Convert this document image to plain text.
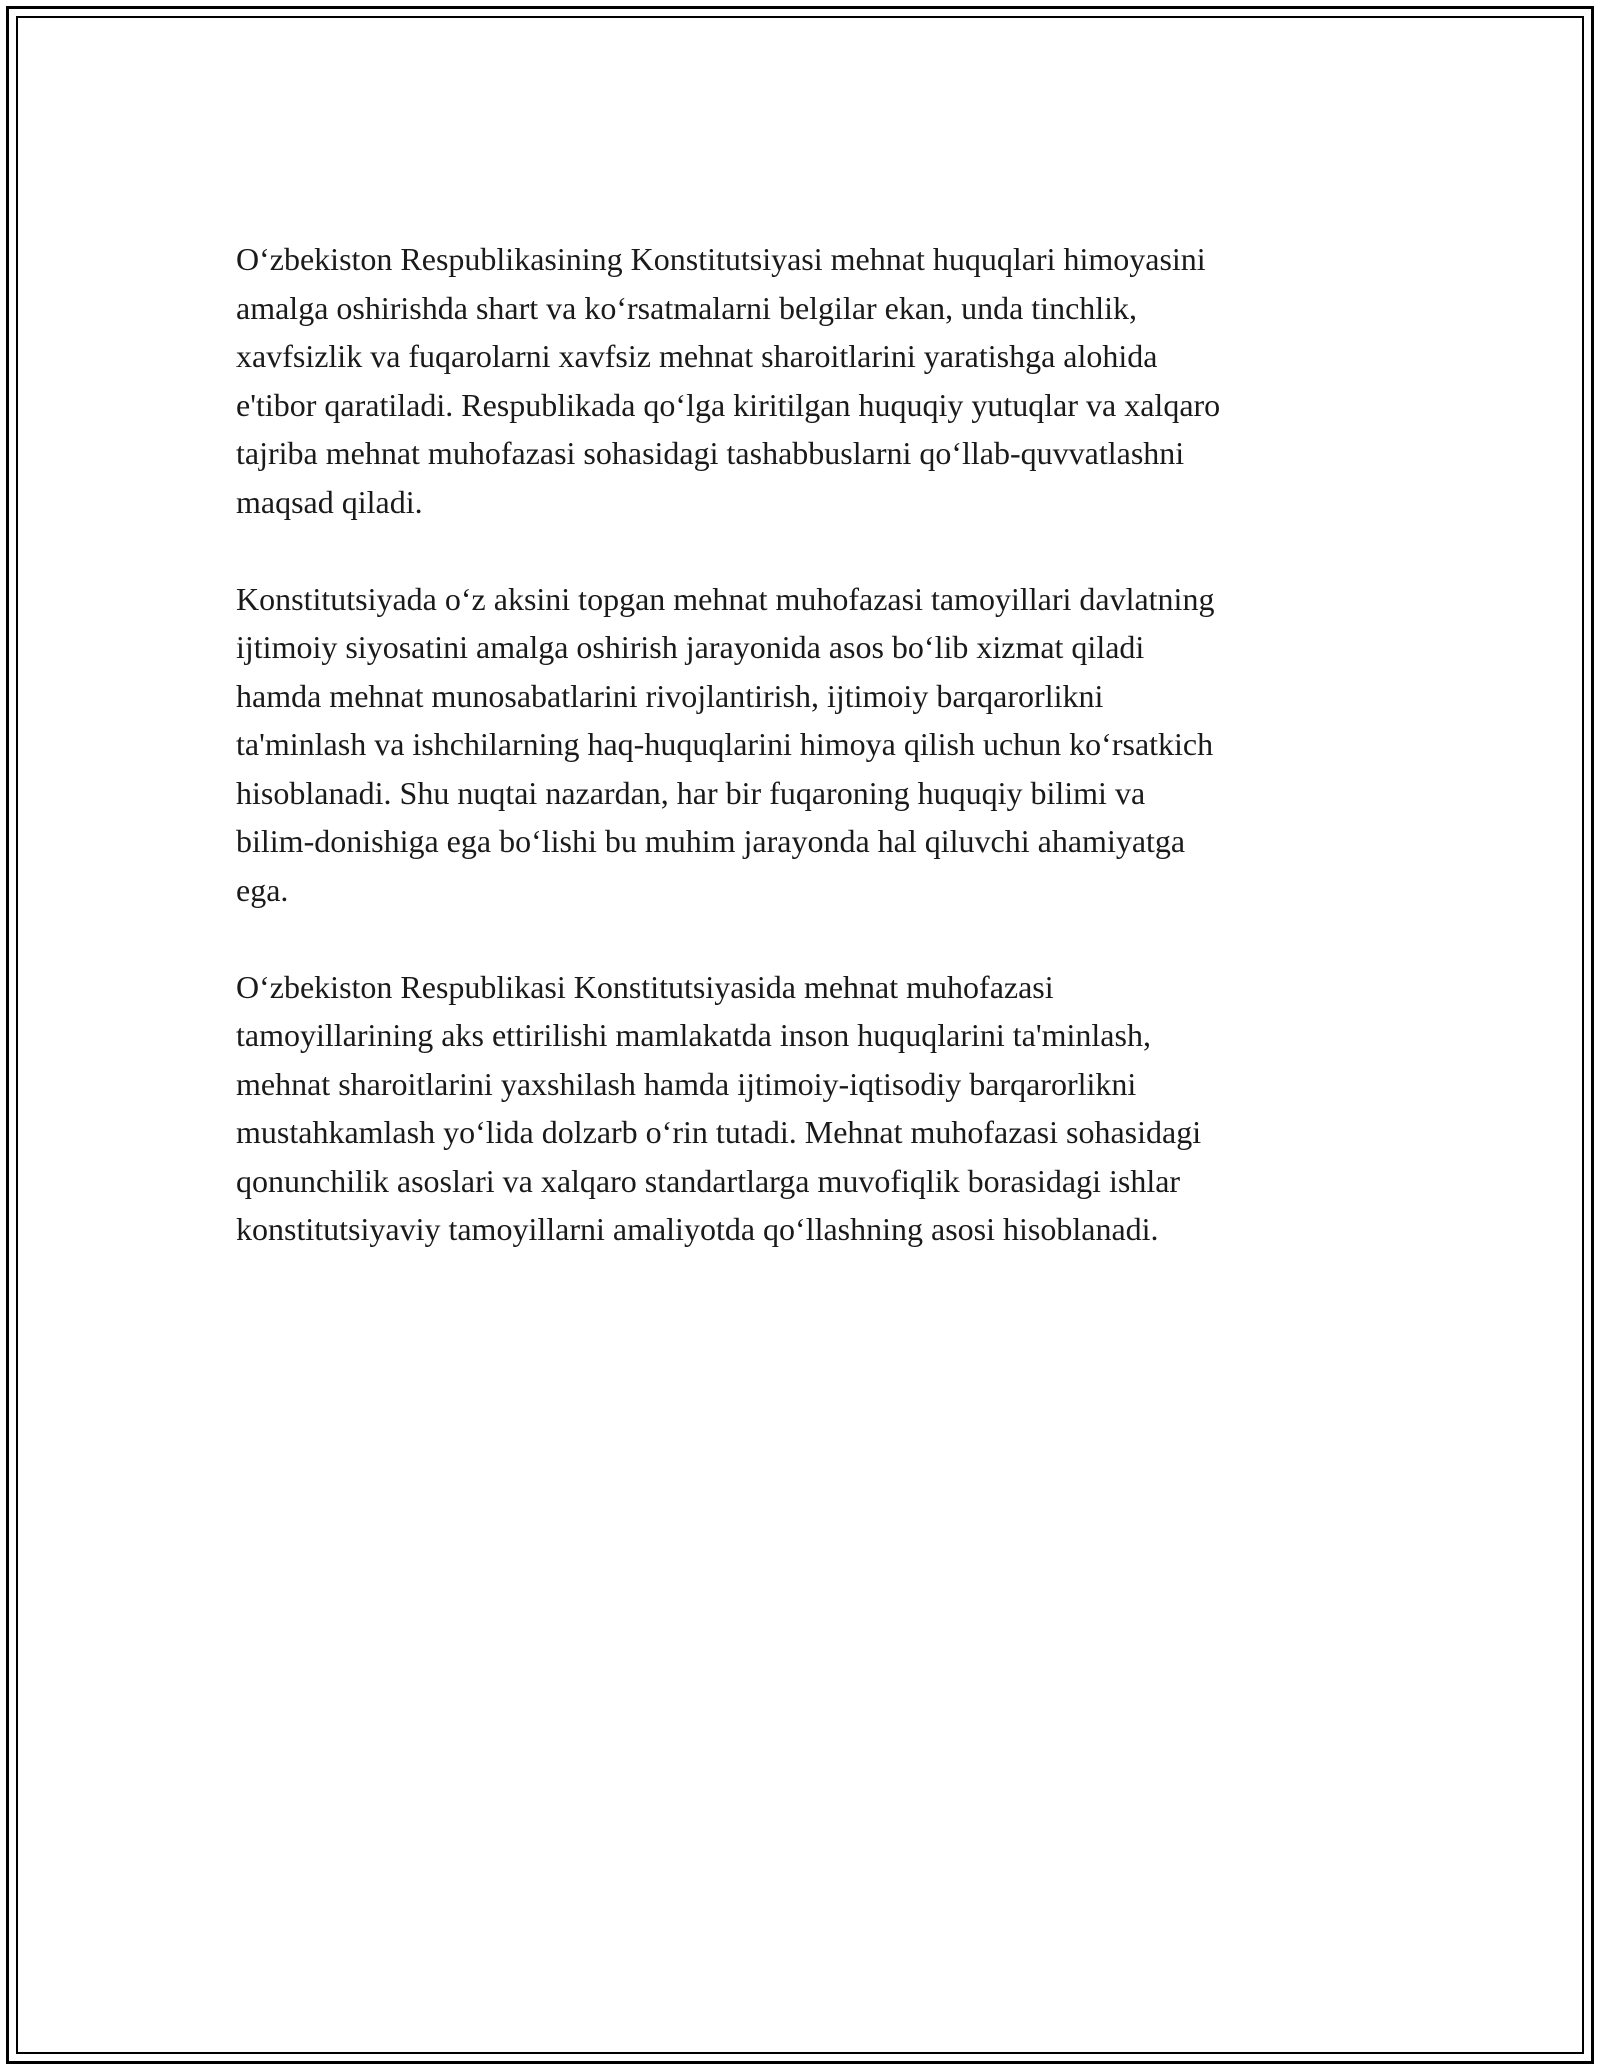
O‘zbekiston Respublikasining Konstitutsiyasi mehnat huquqlari himoyasini
amalga oshirishda shart va ko‘rsatmalarni belgilar ekan, unda tinchlik,
xavfsizlik va fuqarolarni xavfsiz mehnat sharoitlarini yaratishga alohida
e'tibor qaratiladi. Respublikada qo‘lga kiritilgan huquqiy yutuqlar va xalqaro
tajriba mehnat muhofazasi sohasidagi tashabbuslarni qo‘llab-quvvatlashni
maqsad qiladi.

Konstitutsiyada o‘z aksini topgan mehnat muhofazasi tamoyillari davlatning
ijtimoiy siyosatini amalga oshirish jarayonida asos bo‘lib xizmat qiladi
hamda mehnat munosabatlarini rivojlantirish, ijtimoiy barqarorlikni
ta'minlash va ishchilarning haq-huquqlarini himoya qilish uchun ko‘rsatkich
hisoblanadi. Shu nuqtai nazardan, har bir fuqaroning huquqiy bilimi va
bilim-donishiga ega bo‘lishi bu muhim jarayonda hal qiluvchi ahamiyatga
ega.

O‘zbekiston Respublikasi Konstitutsiyasida mehnat muhofazasi
tamoyillarining aks ettirilishi mamlakatda inson huquqlarini ta'minlash,
mehnat sharoitlarini yaxshilash hamda ijtimoiy-iqtisodiy barqarorlikni
mustahkamlash yo‘lida dolzarb o‘rin tutadi. Mehnat muhofazasi sohasidagi
qonunchilik asoslari va xalqaro standartlarga muvofiqlik borasidagi ishlar
konstitutsiyaviy tamoyillarni amaliyotda qo‘llashning asosi hisoblanadi.
